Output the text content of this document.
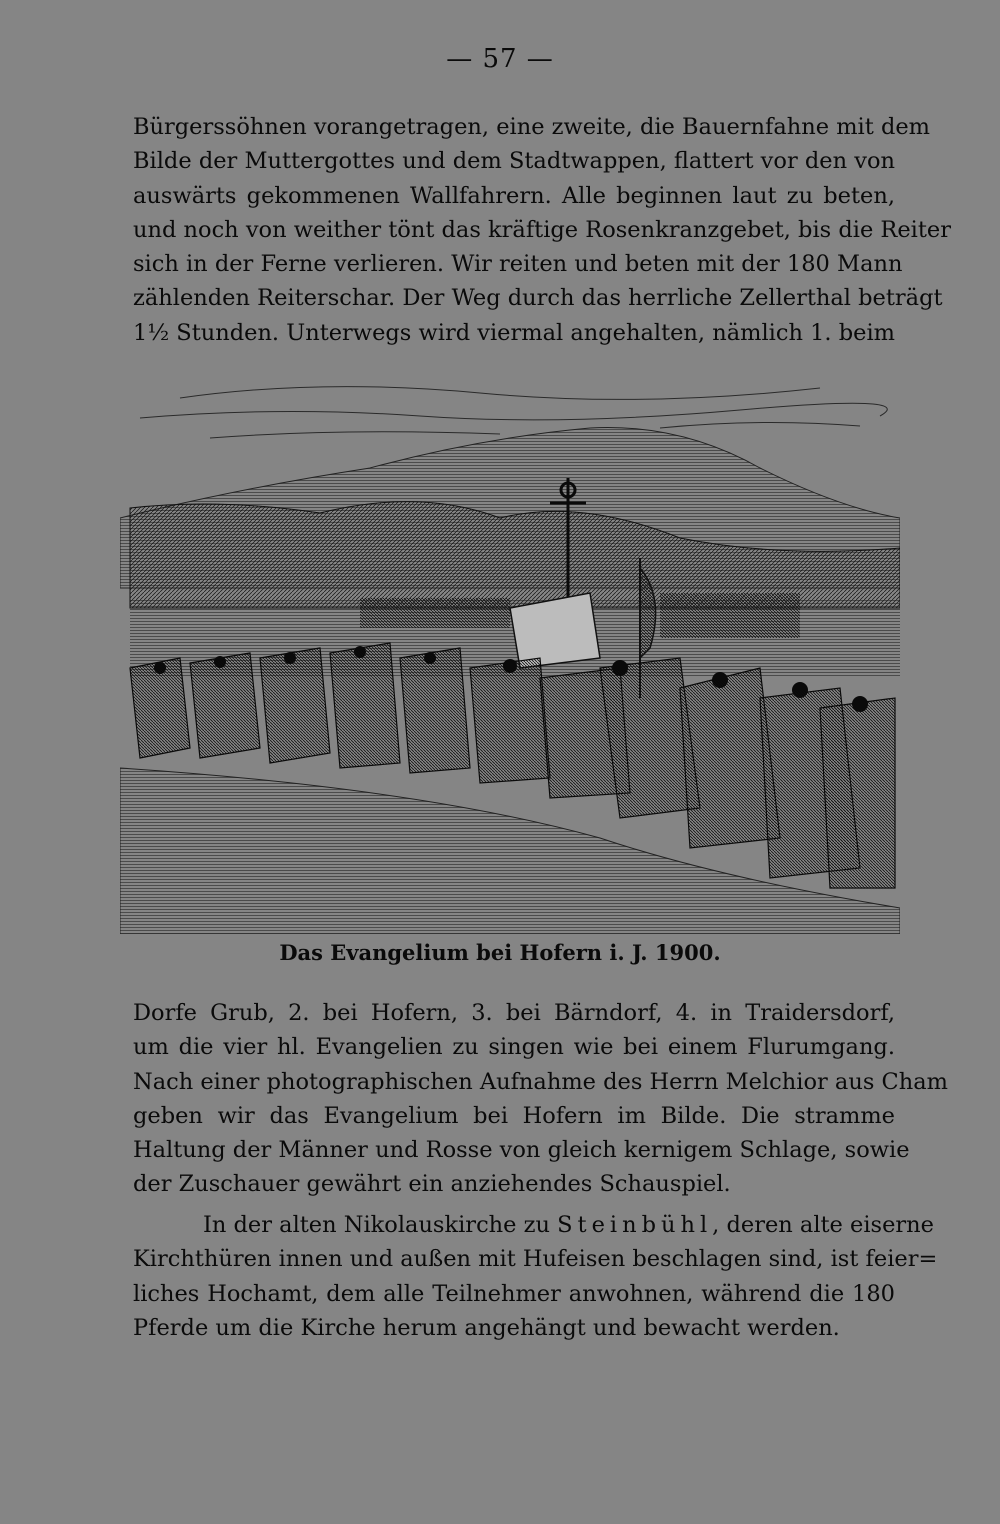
— 57 —
Bürgerssöhnen vorangetragen, eine zweite, die Bauernfahne mit dem
Bilde der Muttergottes und dem Stadtwappen, flattert vor den von
auswärts gekommenen Wallfahrern. Alle beginnen laut zu beten,
und noch von weither tönt das kräftige Rosenkranzgebet, bis die Reiter
sich in der Ferne verlieren. Wir reiten und beten mit der 180 Mann
zählenden Reiterschar. Der Weg durch das herrliche Zellerthal beträgt
1½ Stunden. Unterwegs wird viermal angehalten, nämlich 1. beim
Das Evangelium bei Hofern i. J. 1900.
Dorfe Grub, 2. bei Hofern, 3. bei Bärndorf, 4. in Traidersdorf,
um die vier hl. Evangelien zu singen wie bei einem Flurumgang.
Nach einer photographischen Aufnahme des Herrn Melchior aus Cham
geben wir das Evangelium bei Hofern im Bilde. Die stramme
Haltung der Männer und Rosse von gleich kernigem Schlage, sowie
der Zuschauer gewährt ein anziehendes Schauspiel.
In der alten Nikolauskirche zu Steinbühl, deren alte eiserne
Kirchthüren innen und außen mit Hufeisen beschlagen sind, ist feier=
liches Hochamt, dem alle Teilnehmer anwohnen, während die 180
Pferde um die Kirche herum angehängt und bewacht werden.
